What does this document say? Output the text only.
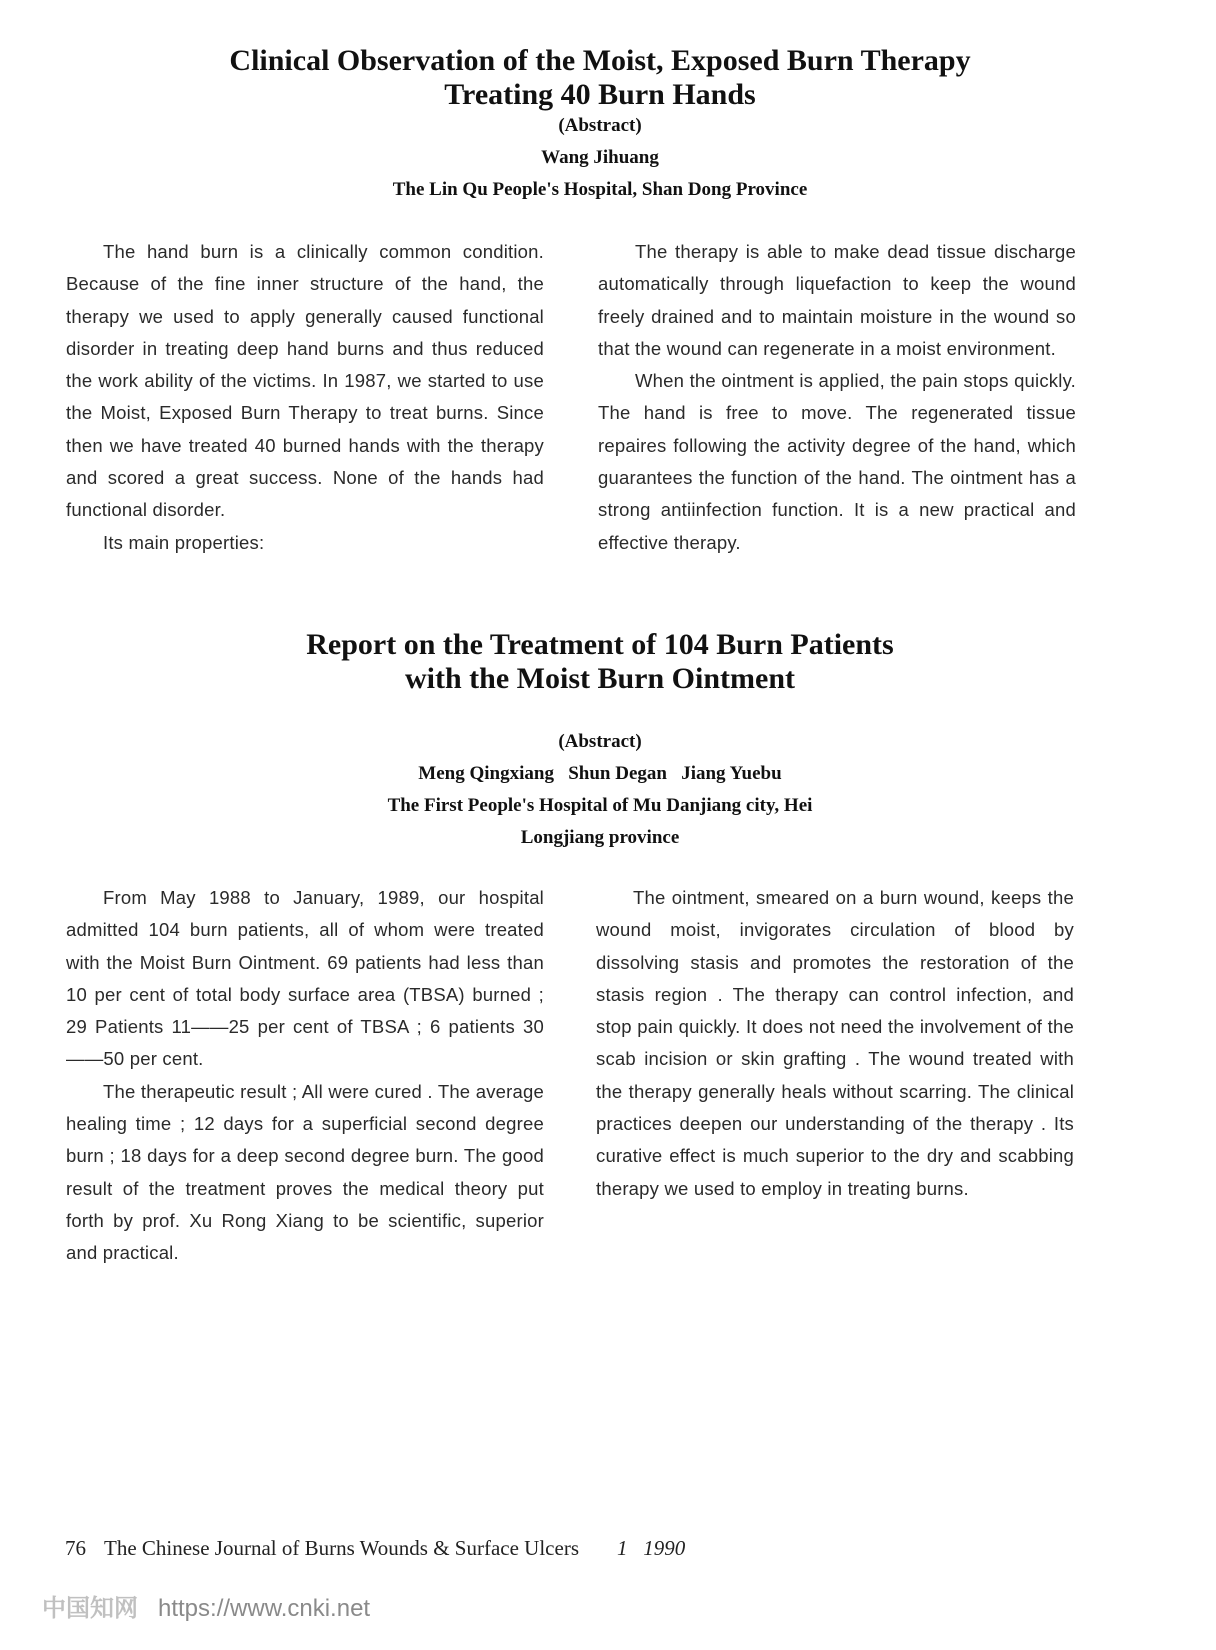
Clinical Observation of the Moist, Exposed Burn Therapy
Treating 40 Burn Hands
(Abstract)
Wang Jihuang
The Lin Qu People's Hospital, Shan Dong Province

The hand burn is a clinically common condition. Because of the fine inner structure of the hand, the therapy we used to apply generally caused functional disorder in treating deep hand burns and thus reduced the work ability of the victims. In 1987, we started to use the Moist, Exposed Burn Therapy to treat burns. Since then we have treated 40 burned hands with the therapy and scored a great success. None of the hands had functional disorder.

Its main properties:

The therapy is able to make dead tissue discharge automatically through liquefaction to keep the wound freely drained and to maintain moisture in the wound so that the wound can regenerate in a moist environment.

When the ointment is applied, the pain stops quickly. The hand is free to move. The regenerated tissue repaires following the activity degree of the hand, which guarantees the function of the hand. The ointment has a strong antiinfection function. It is a new practical and effective therapy.

Report on the Treatment of 104 Burn Patients
with the Moist Burn Ointment
(Abstract)
Meng Qingxiang   Shun Degan   Jiang Yuebu
The First People's Hospital of Mu Danjiang city, Hei
Longjiang province

From May 1988 to January, 1989, our hospital admitted 104 burn patients, all of whom were treated with the Moist Burn Ointment. 69 patients had less than 10 per cent of total body surface area (TBSA) burned ; 29 Patients 11——25 per cent of TBSA ; 6 patients 30——50 per cent.

The therapeutic result ; All were cured . The average healing time ; 12 days for a superficial second degree burn ; 18 days for a deep second degree burn. The good result of the treatment proves the medical theory put forth by prof. Xu Rong Xiang to be scientific, superior and practical.

The ointment, smeared on a burn wound, keeps the wound moist, invigorates circulation of blood by dissolving stasis and promotes the restoration of the stasis region . The therapy can control infection, and stop pain quickly. It does not need the involvement of the scab incision or skin grafting . The wound treated with the therapy generally heals without scarring. The clinical practices deepen our understanding of the therapy . Its curative effect is much superior to the dry and scabbing therapy we used to employ in treating burns.

76 The Chinese Journal of Burns Wounds & Surface Ulcers 1   1990
中国知网 https://www.cnki.net
